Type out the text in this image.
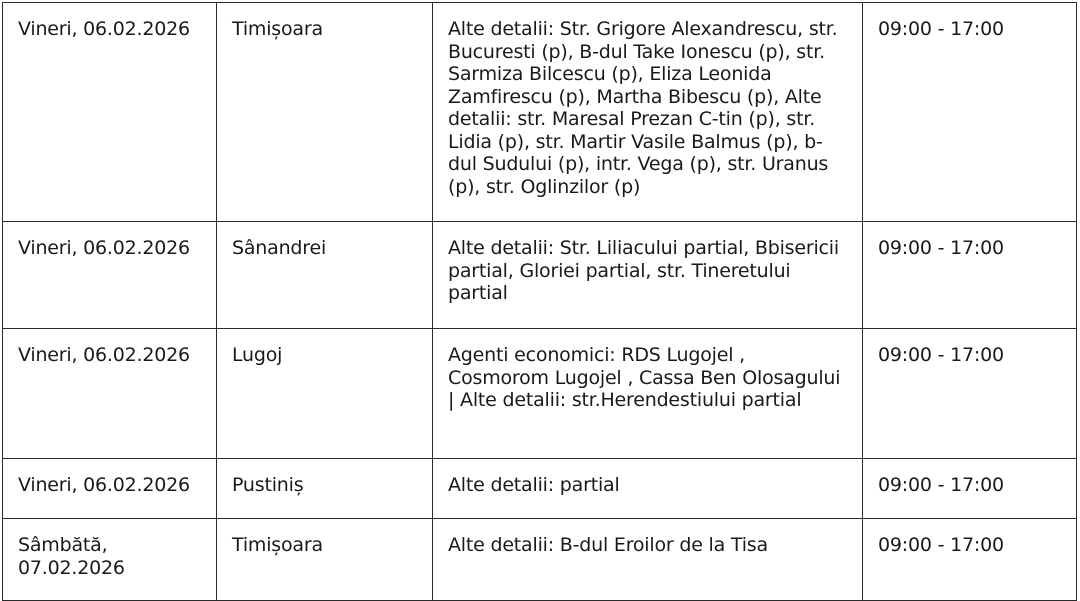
Vineri, 06.02.2026	Timișoara	Alte detalii: Str. Grigore Alexandrescu, str. Bucuresti (p), B-dul Take Ionescu (p), str. Sarmiza Bilcescu (p), Eliza Leonida Zamfirescu (p), Martha Bibescu (p), Alte detalii: str. Maresal Prezan C-tin (p), str. Lidia (p), str. Martir Vasile Balmus (p), b-dul Sudului (p), intr. Vega (p), str. Uranus (p), str. Oglinzilor (p)	09:00 - 17:00
Vineri, 06.02.2026	Sânandrei	Alte detalii: Str. Liliacului partial, Bbisericii partial, Gloriei partial, str. Tineretului partial	09:00 - 17:00
Vineri, 06.02.2026	Lugoj	Agenti economici: RDS Lugojel , Cosmorom Lugojel , Cassa Ben Olosagului | Alte detalii: str.Herendestiului partial	09:00 - 17:00
Vineri, 06.02.2026	Pustiniș	Alte detalii: partial	09:00 - 17:00
Sâmbătă, 07.02.2026	Timișoara	Alte detalii: B-dul Eroilor de la Tisa	09:00 - 17:00
